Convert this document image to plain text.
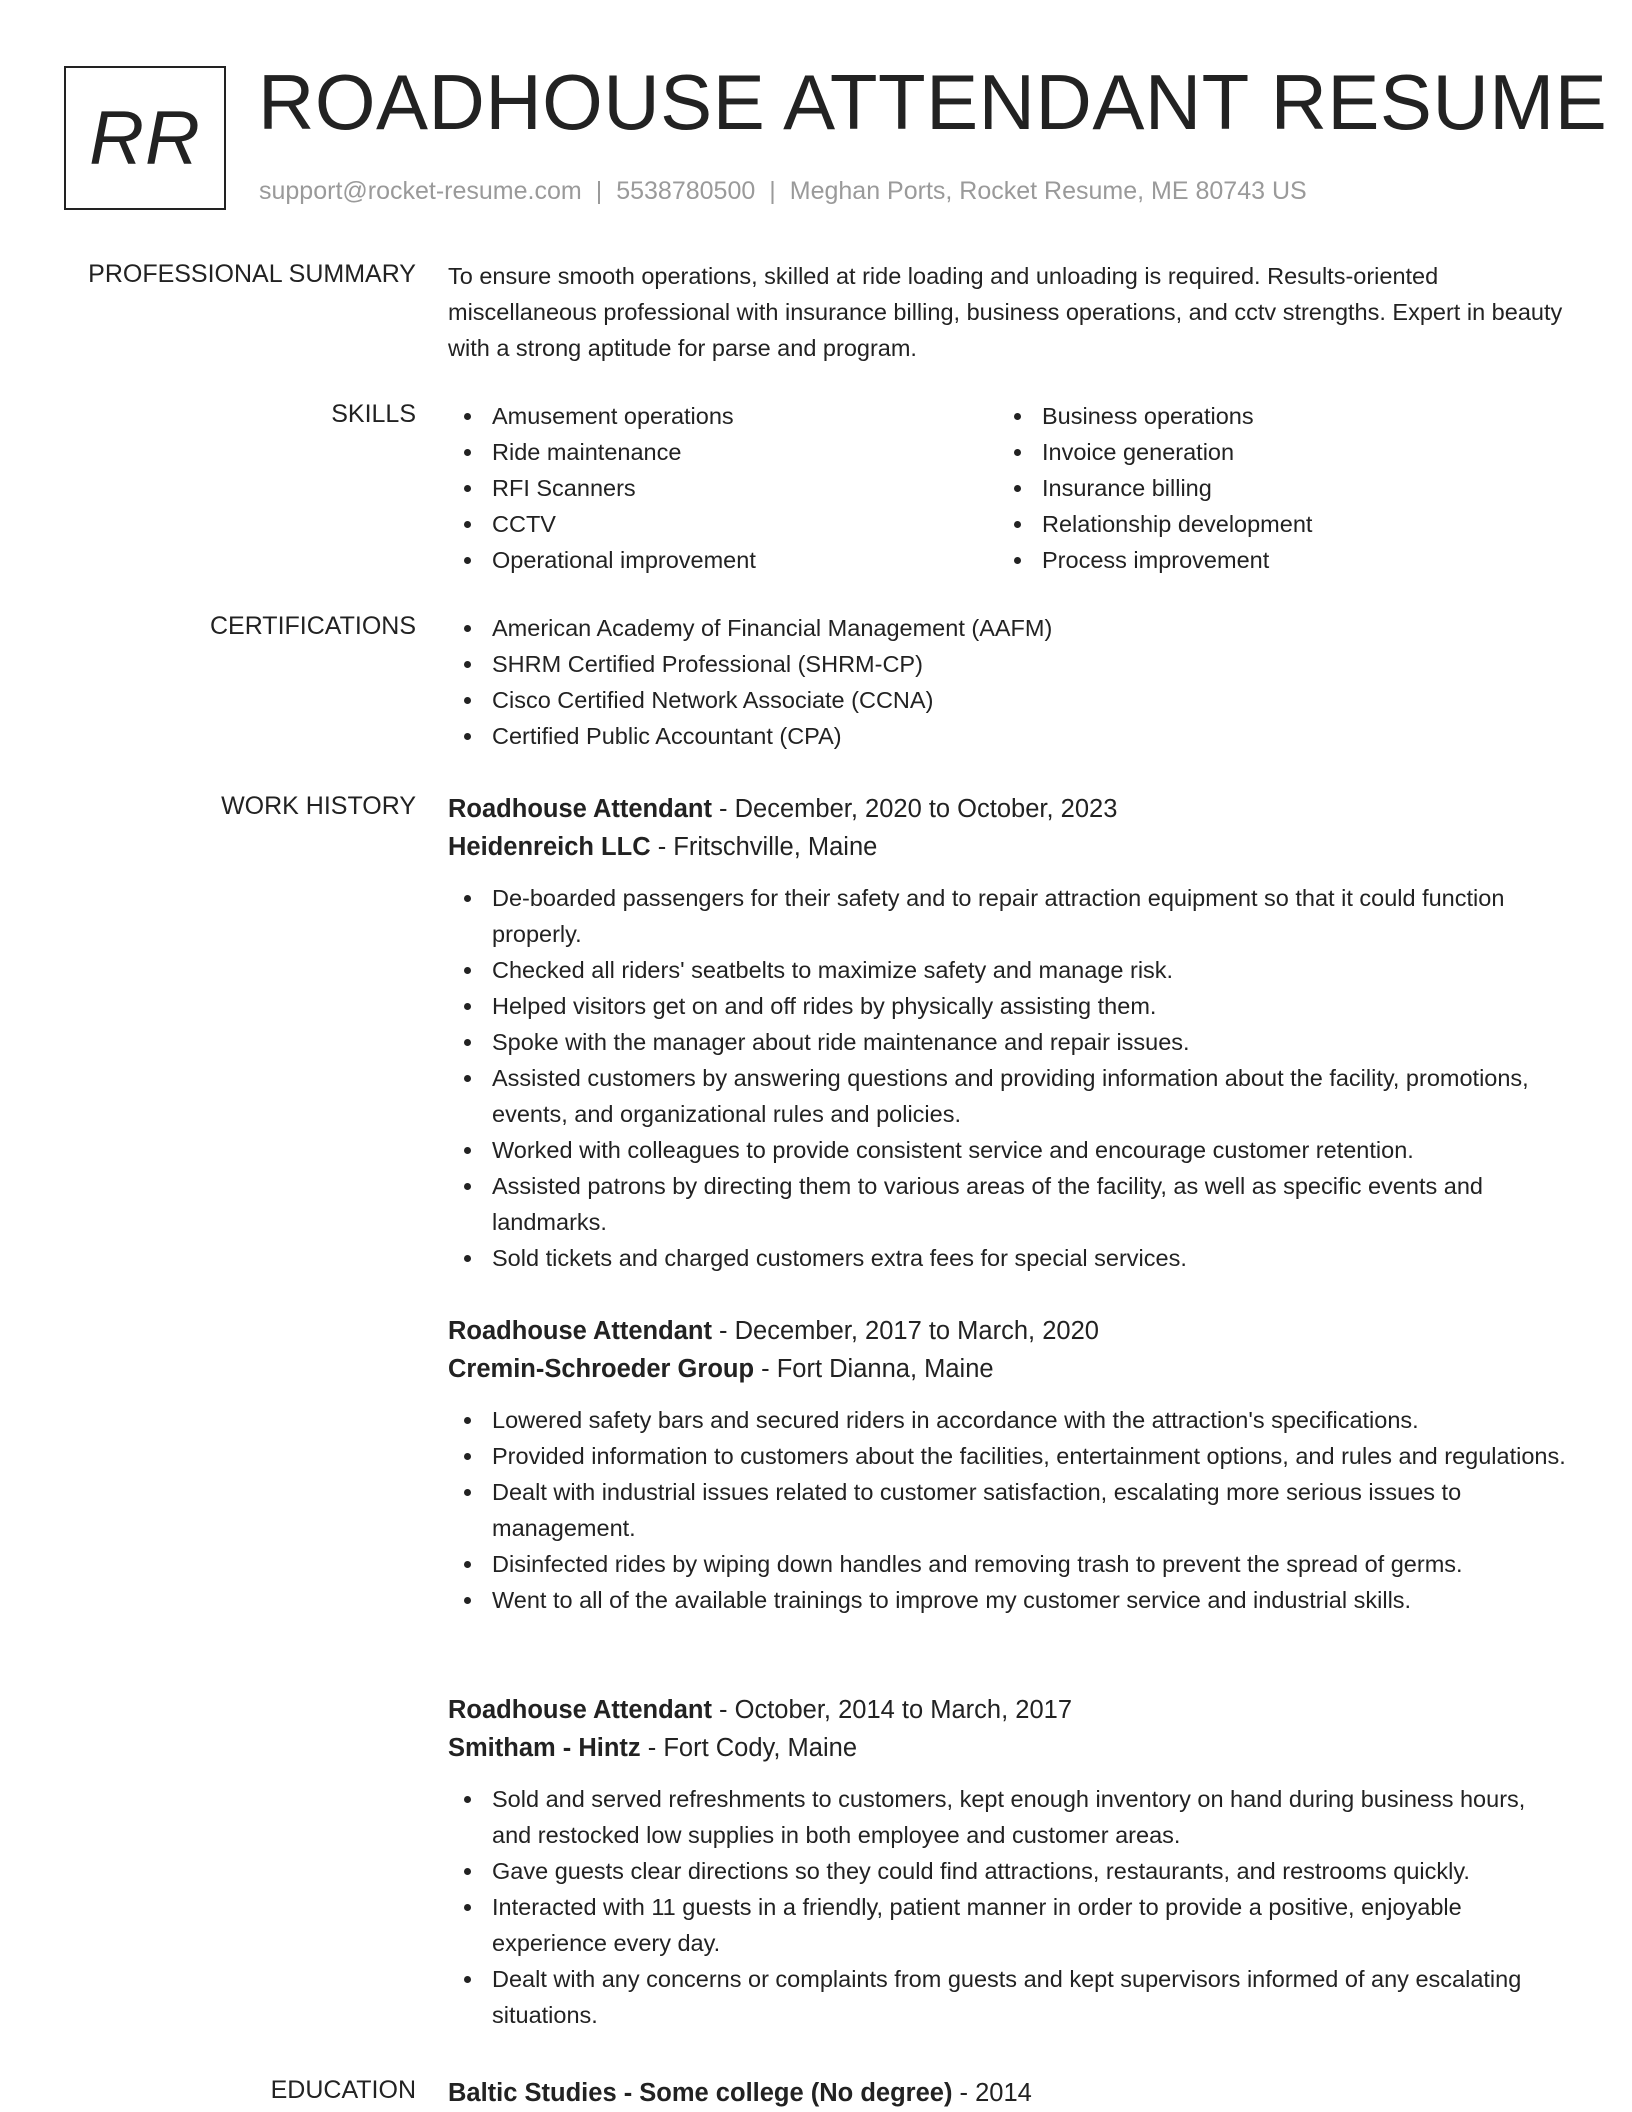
RR ROADHOUSE ATTENDANT RESUME
support@rocket-resume.com | 5538780500 | Meghan Ports, Rocket Resume, ME 80743 US
PROFESSIONAL SUMMARY To ensure smooth operations, skilled at ride loading and unloading is required. Results-oriented miscellaneous professional with insurance billing, business operations, and cctv strengths. Expert in beauty with a strong aptitude for parse and program.

SKILLS	Amusement operations
Ride maintenance
RFI Scanners
CCTV
Operational improvement
Business operations
Invoice generation
Insurance billing
Relationship development
Process improvement
CERTIFICATIONS	American Academy of Financial Management (AAFM)
SHRM Certified Professional (SHRM-CP)
Cisco Certified Network Associate (CCNA)
Certified Public Accountant (CPA)
WORK HISTORY Roadhouse Attendant - December, 2020 to October, 2023
Heidenreich LLC - Fritschville, Maine
De-boarded passengers for their safety and to repair attraction equipment so that it could function properly.
Checked all riders' seatbelts to maximize safety and manage risk.
Helped visitors get on and off rides by physically assisting them.
Spoke with the manager about ride maintenance and repair issues.
Assisted customers by answering questions and providing information about the facility, promotions, events, and organizational rules and policies.
Worked with colleagues to provide consistent service and encourage customer retention.
Assisted patrons by directing them to various areas of the facility, as well as specific events and landmarks.
Sold tickets and charged customers extra fees for special services.
Roadhouse Attendant - December, 2017 to March, 2020
Cremin-Schroeder Group - Fort Dianna, Maine
Lowered safety bars and secured riders in accordance with the attraction's specifications.
Provided information to customers about the facilities, entertainment options, and rules and regulations.
Dealt with industrial issues related to customer satisfaction, escalating more serious issues to management.
Disinfected rides by wiping down handles and removing trash to prevent the spread of germs.
Went to all of the available trainings to improve my customer service and industrial skills.
Roadhouse Attendant - October, 2014 to March, 2017
Smitham - Hintz - Fort Cody, Maine
Sold and served refreshments to customers, kept enough inventory on hand during business hours, and restocked low supplies in both employee and customer areas.
Gave guests clear directions so they could find attractions, restaurants, and restrooms quickly.
Interacted with 11 guests in a friendly, patient manner in order to provide a positive, enjoyable experience every day.
Dealt with any concerns or complaints from guests and kept supervisors informed of any escalating situations.
EDUCATION Baltic Studies - Some college (No degree) - 2014
